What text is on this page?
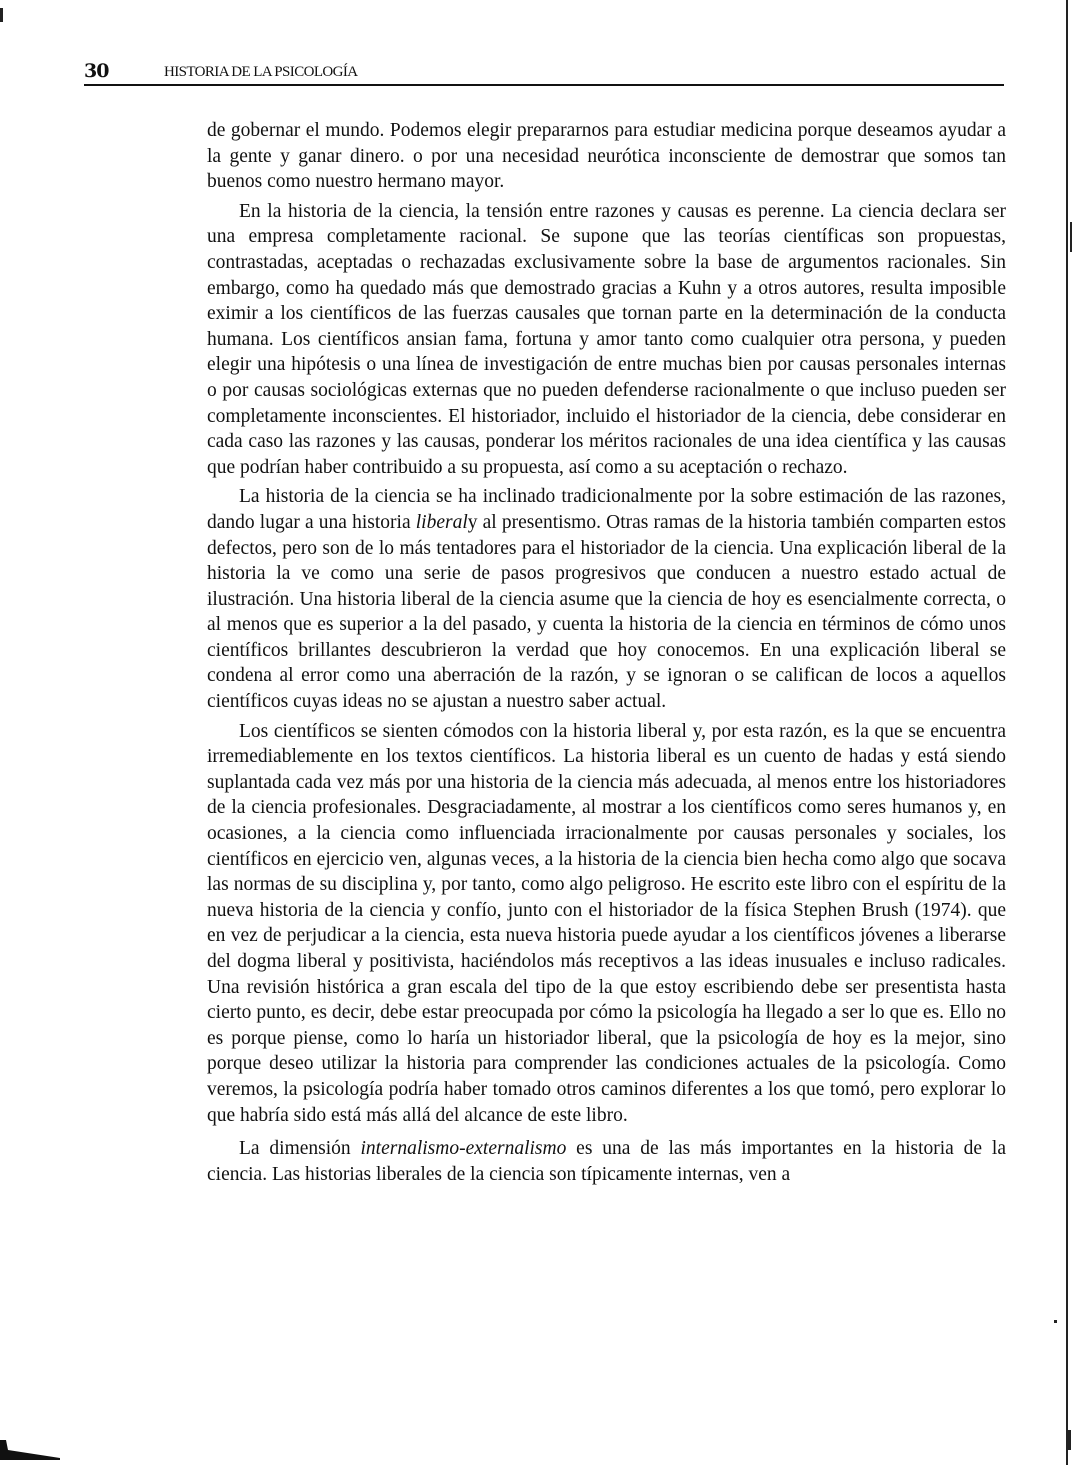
30	HISTORIA DE LA PSICOLOGÍA

de gobernar el mundo. Podemos elegir prepararnos para estudiar medicina porque deseamos ayudar a la gente y ganar dinero. o por una necesidad neurótica inconsciente de demostrar que somos tan buenos como nuestro hermano mayor.

En la historia de la ciencia, la tensión entre razones y causas es perenne. La ciencia declara ser una empresa completamente racional. Se supone que las teorías científicas son propuestas, contrastadas, aceptadas o rechazadas exclusivamente sobre la base de argumentos racionales. Sin embargo, como ha quedado más que demostrado gracias a Kuhn y a otros autores, resulta imposible eximir a los científicos de las fuerzas causales que tornan parte en la determinación de la conducta humana. Los científicos ansian fama, fortuna y amor tanto como cualquier otra persona, y pueden elegir una hipótesis o una línea de investigación de entre muchas bien por causas personales internas o por causas sociológicas externas que no pueden defenderse racionalmente o que incluso pueden ser completamente inconscientes. El historiador, incluido el historiador de la ciencia, debe considerar en cada caso las razones y las causas, ponderar los méritos racionales de una idea científica y las causas que podrían haber contribuido a su propuesta, así como a su aceptación o rechazo.

La historia de la ciencia se ha inclinado tradicionalmente por la sobre estimación de las razones, dando lugar a una historia liberaly al presentismo. Otras ramas de la historia también comparten estos defectos, pero son de lo más tentadores para el historiador de la ciencia. Una explicación liberal de la historia la ve como una serie de pasos progresivos que conducen a nuestro estado actual de ilustración. Una historia liberal de la ciencia asume que la ciencia de hoy es esencialmente correcta, o al menos que es superior a la del pasado, y cuenta la historia de la ciencia en términos de cómo unos científicos brillantes descubrieron la verdad que hoy conocemos. En una explicación liberal se condena al error como una aberración de la razón, y se ignoran o se califican de locos a aquellos científicos cuyas ideas no se ajustan a nuestro saber actual.

Los científicos se sienten cómodos con la historia liberal y, por esta razón, es la que se encuentra irremediablemente en los textos científicos. La historia liberal es un cuento de hadas y está siendo suplantada cada vez más por una historia de la ciencia más adecuada, al menos entre los historiadores de la ciencia profesionales. Desgraciadamente, al mostrar a los científicos como seres humanos y, en ocasiones, a la ciencia como influenciada irracionalmente por causas personales y sociales, los científicos en ejercicio ven, algunas veces, a la historia de la ciencia bien hecha como algo que socava las normas de su disciplina y, por tanto, como algo peligroso. He escrito este libro con el espíritu de la nueva historia de la ciencia y confío, junto con el historiador de la física Stephen Brush (1974). que en vez de perjudicar a la ciencia, esta nueva historia puede ayudar a los científicos jóvenes a liberarse del dogma liberal y positivista, haciéndolos más receptivos a las ideas inusuales e incluso radicales. Una revisión histórica a gran escala del tipo de la que estoy escribiendo debe ser presentista hasta cierto punto, es decir, debe estar preocupada por cómo la psicología ha llegado a ser lo que es. Ello no es porque piense, como lo haría un historiador liberal, que la psicología de hoy es la mejor, sino porque deseo utilizar la historia para comprender las condiciones actuales de la psicología. Como veremos, la psicología podría haber tomado otros caminos diferentes a los que tomó, pero explorar lo que habría sido está más allá del alcance de este libro.

La dimensión internalismo-externalismo es una de las más importantes en la historia de la ciencia. Las historias liberales de la ciencia son típicamente internas, ven a
